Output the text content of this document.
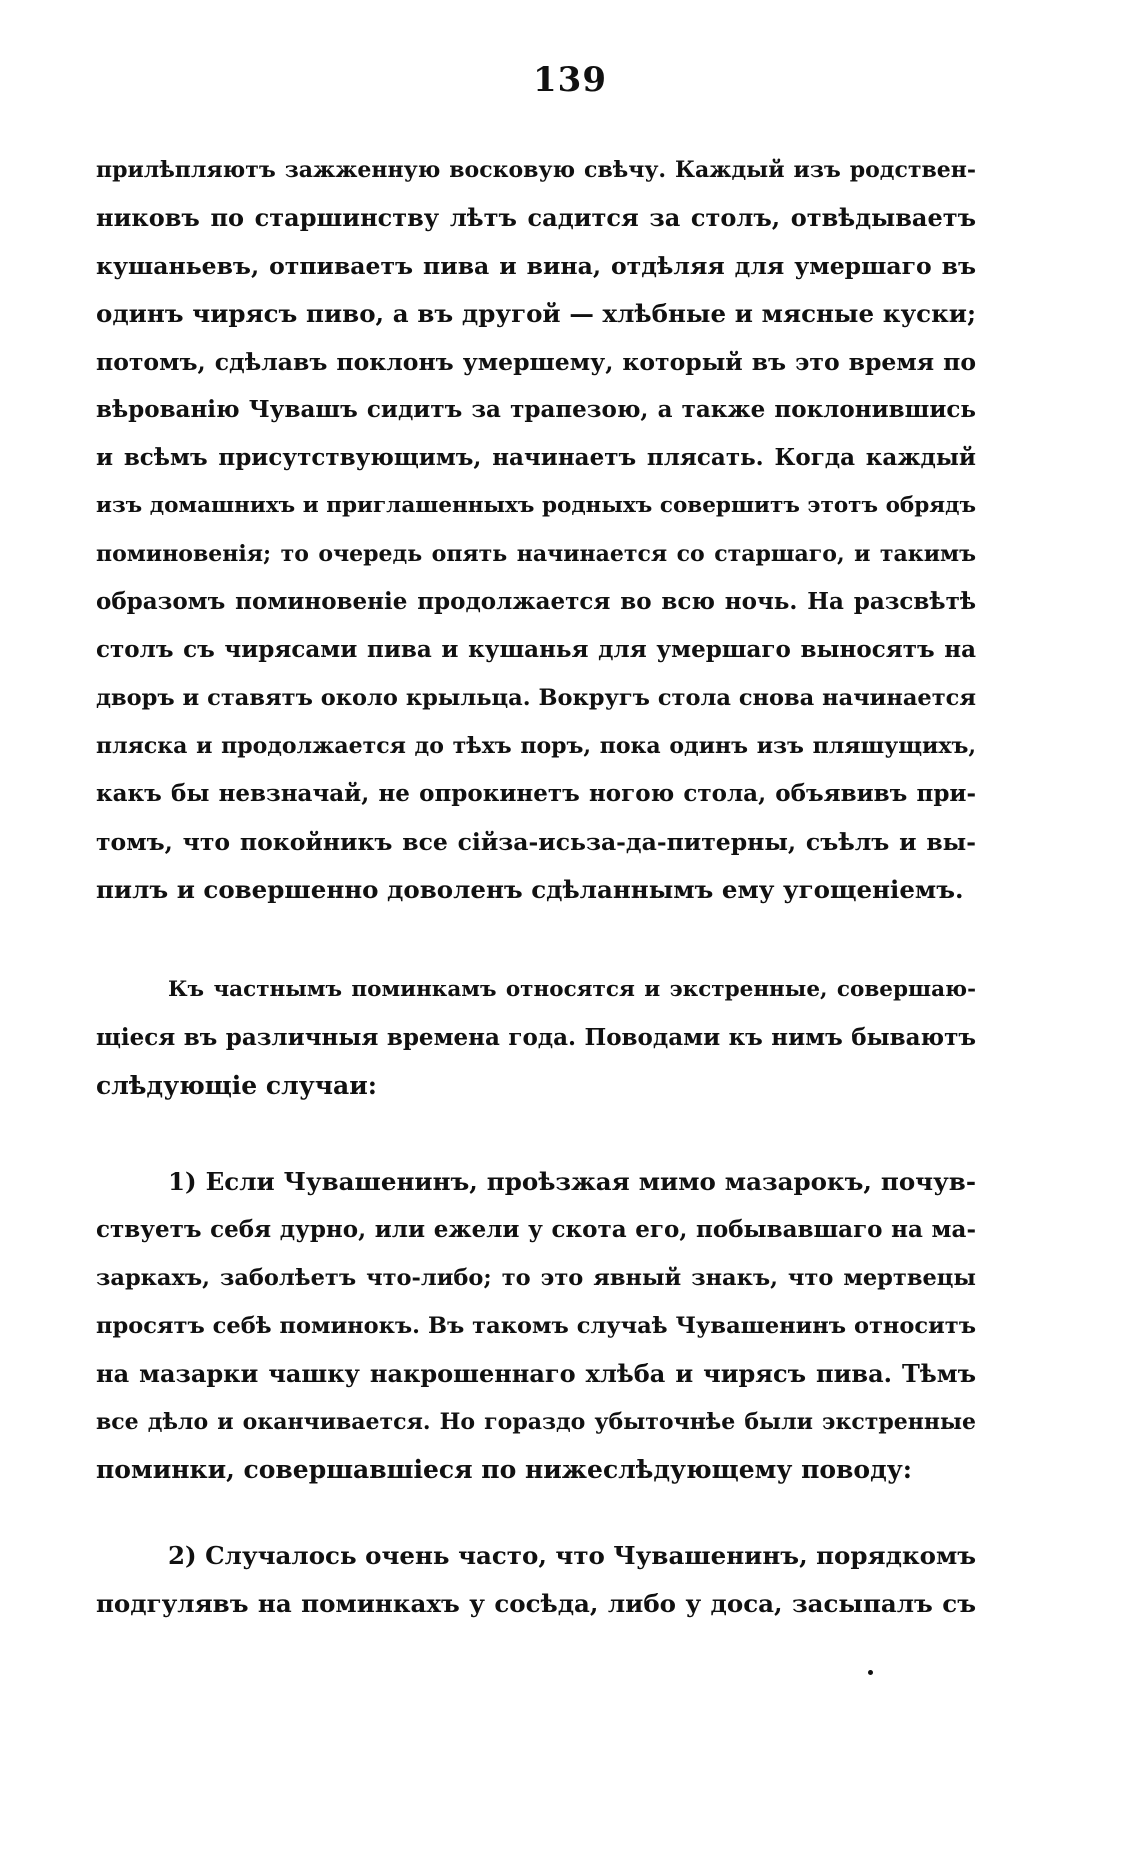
139
прилѣпляютъ зажженную восковую свѣчу. Каждый изъ родствен-
никовъ по старшинству лѣтъ садится за столъ, отвѣдываетъ
кушаньевъ, отпиваетъ пива и вина, отдѣляя для умершаго въ
одинъ чирясъ пиво, а въ другой — хлѣбные и мясные куски;
потомъ, сдѣлавъ поклонъ умершему, который въ это время по
вѣрованію Чувашъ сидитъ за трапезою, а также поклонившись
и всѣмъ присутствующимъ, начинаетъ плясать. Когда каждый
изъ домашнихъ и приглашенныхъ родныхъ совершитъ этотъ обрядъ
поминовенія; то очередь опять начинается со старшаго, и такимъ
образомъ поминовеніе продолжается во всю ночь. На разсвѣтѣ
столъ съ чирясами пива и кушанья для умершаго выносятъ на
дворъ и ставятъ около крыльца. Вокругъ стола снова начинается
пляска и продолжается до тѣхъ поръ, пока одинъ изъ пляшущихъ,
какъ бы невзначай, не опрокинетъ ногою стола, объявивъ при-
томъ, что покойникъ все сійза-исьза-да-питерны, съѣлъ и вы-
пилъ и совершенно доволенъ сдѣланнымъ ему угощеніемъ.
Къ частнымъ поминкамъ относятся и экстренные, совершаю-
щіеся въ различныя времена года. Поводами къ нимъ бываютъ
слѣдующіе случаи:
1) Если Чувашенинъ, проѣзжая мимо мазарокъ, почув-
ствуетъ себя дурно, или ежели у скота его, побывавшаго на ма-
заркахъ, заболѣетъ что-либо; то это явный знакъ, что мертвецы
просятъ себѣ поминокъ. Въ такомъ случаѣ Чувашенинъ относитъ
на мазарки чашку накрошеннаго хлѣба и чирясъ пива. Тѣмъ
все дѣло и оканчивается. Но гораздо убыточнѣе были экстренные
поминки, совершавшіеся по нижеслѣдующему поводу:
2) Случалось очень часто, что Чувашенинъ, порядкомъ
подгулявъ на поминкахъ у сосѣда, либо у доса, засыпалъ съ
